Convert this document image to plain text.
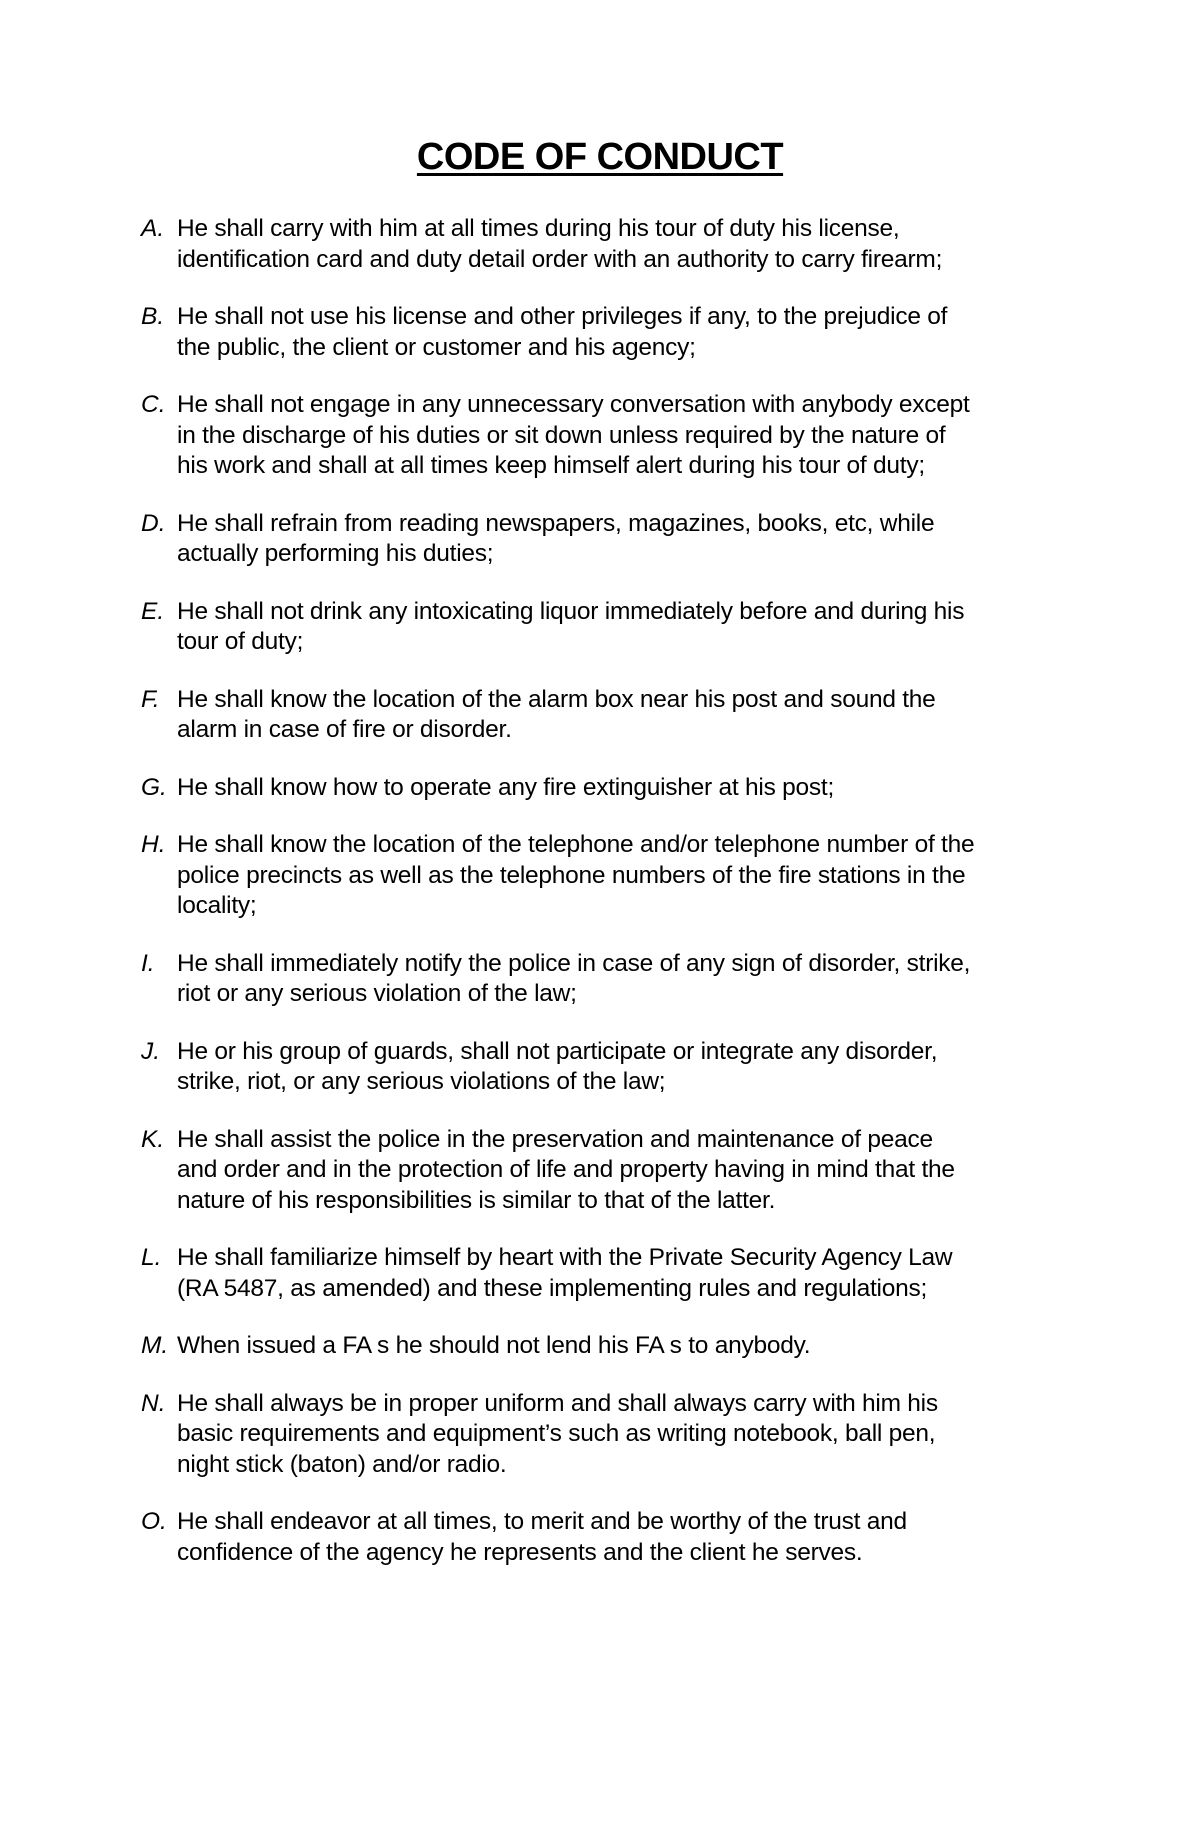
CODE OF CONDUCT
A. He shall carry with him at all times during his tour of duty his license,
identification card and duty detail order with an authority to carry firearm;
B. He shall not use his license and other privileges if any, to the prejudice of
the public, the client or customer and his agency;
C. He shall not engage in any unnecessary conversation with anybody except
in the discharge of his duties or sit down unless required by the nature of
his work and shall at all times keep himself alert during his tour of duty;
D. He shall refrain from reading newspapers, magazines, books, etc, while
actually performing his duties;
E. He shall not drink any intoxicating liquor immediately before and during his
tour of duty;
F. He shall know the location of the alarm box near his post and sound the
alarm in case of fire or disorder.
G. He shall know how to operate any fire extinguisher at his post;
H. He shall know the location of the telephone and/or telephone number of the
police precincts as well as the telephone numbers of the fire stations in the
locality;
I. He shall immediately notify the police in case of any sign of disorder, strike,
riot or any serious violation of the law;
J. He or his group of guards, shall not participate or integrate any disorder,
strike, riot, or any serious violations of the law;
K. He shall assist the police in the preservation and maintenance of peace
and order and in the protection of life and property having in mind that the
nature of his responsibilities is similar to that of the latter.
L. He shall familiarize himself by heart with the Private Security Agency Law
(RA 5487, as amended) and these implementing rules and regulations;
M. When issued a FA s he should not lend his FA s to anybody.
N. He shall always be in proper uniform and shall always carry with him his
basic requirements and equipment’s such as writing notebook, ball pen,
night stick (baton) and/or radio.
O. He shall endeavor at all times, to merit and be worthy of the trust and
confidence of the agency he represents and the client he serves.
